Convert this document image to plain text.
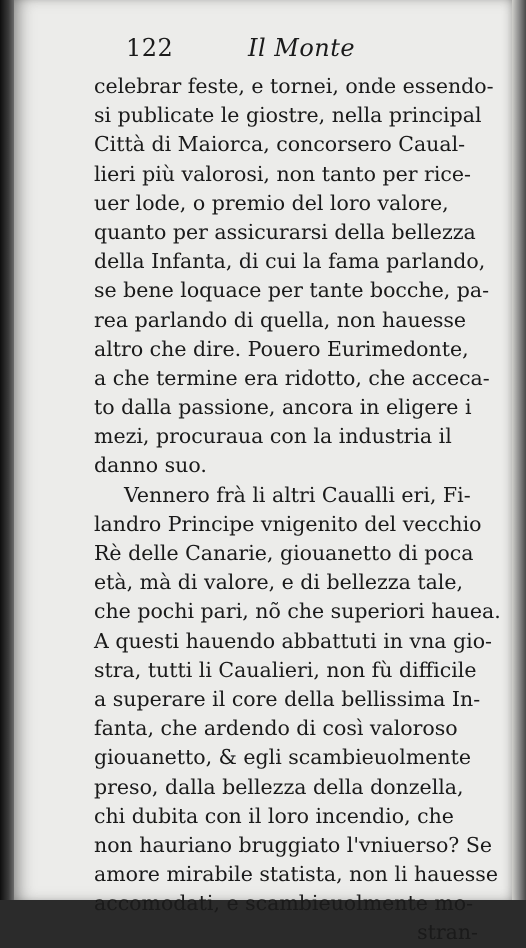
122	Il Monte
celebrar feste, e tornei, onde essendo-
si publicate le giostre, nella principal
Città di Maiorca, concorsero Caual-
lieri più valorosi, non tanto per rice-
uer lode, o premio del loro valore,
quanto per assicurarsi della bellezza
della Infanta, di cui la fama parlando,
se bene loquace per tante bocche, pa-
rea parlando di quella, non hauesse
altro che dire. Pouero Eurimedonte,
a che termine era ridotto, che acceca-
to dalla passione, ancora in eligere i
mezi, procuraua con la industria il
danno suo.
Vennero frà li altri Caualli eri, Fi-
landro Principe vnigenito del vecchio
Rè delle Canarie, giouanetto di poca
età, mà di valore, e di bellezza tale,
che pochi pari, nõ che superiori hauea.
A questi hauendo abbattuti in vna gio-
stra, tutti li Caualieri, non fù difficile
a superare il core della bellissima In-
fanta, che ardendo di così valoroso
giouanetto, & egli scambieuolmente
preso, dalla bellezza della donzella,
chi dubita con il loro incendio, che
non hauriano bruggiato l'vniuerso? Se
amore mirabile statista, non li hauesse
accomodati, e scambieuolmente mo-
stran-
